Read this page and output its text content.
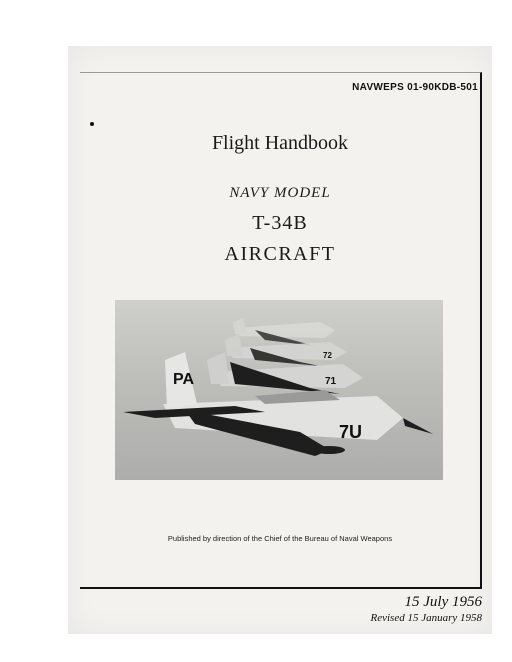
NAVWEPS 01-90KDB-501
Flight Handbook
NAVY MODEL
T-34B
AIRCRAFT
PA
7U
71
72
Published by direction of the Chief of the Bureau of Naval Weapons
15 July 1956
Revised 15 January 1958
